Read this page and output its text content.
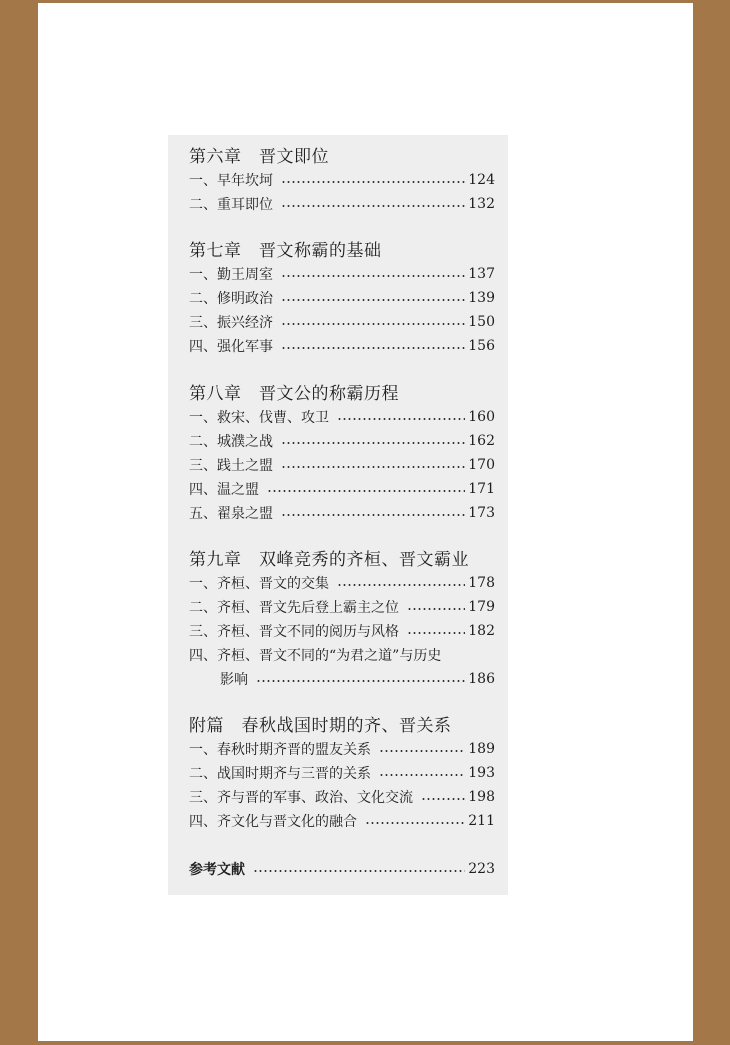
第六章　晋文即位
一、早年坎坷	124
二、重耳即位	132
第七章　晋文称霸的基础
一、勤王周室	137
二、修明政治	139
三、振兴经济	150
四、强化军事	156
第八章　晋文公的称霸历程
一、救宋、伐曹、攻卫	160
二、城濮之战	162
三、践土之盟	170
四、温之盟	171
五、翟泉之盟	173
第九章　双峰竞秀的齐桓、晋文霸业
一、齐桓、晋文的交集	178
二、齐桓、晋文先后登上霸主之位	179
三、齐桓、晋文不同的阅历与风格	182
四、齐桓、晋文不同的“为君之道”与历史
影响	186
附篇　春秋战国时期的齐、晋关系
一、春秋时期齐晋的盟友关系	189
二、战国时期齐与三晋的关系	193
三、齐与晋的军事、政治、文化交流	198
四、齐文化与晋文化的融合	211
参考文献	223
